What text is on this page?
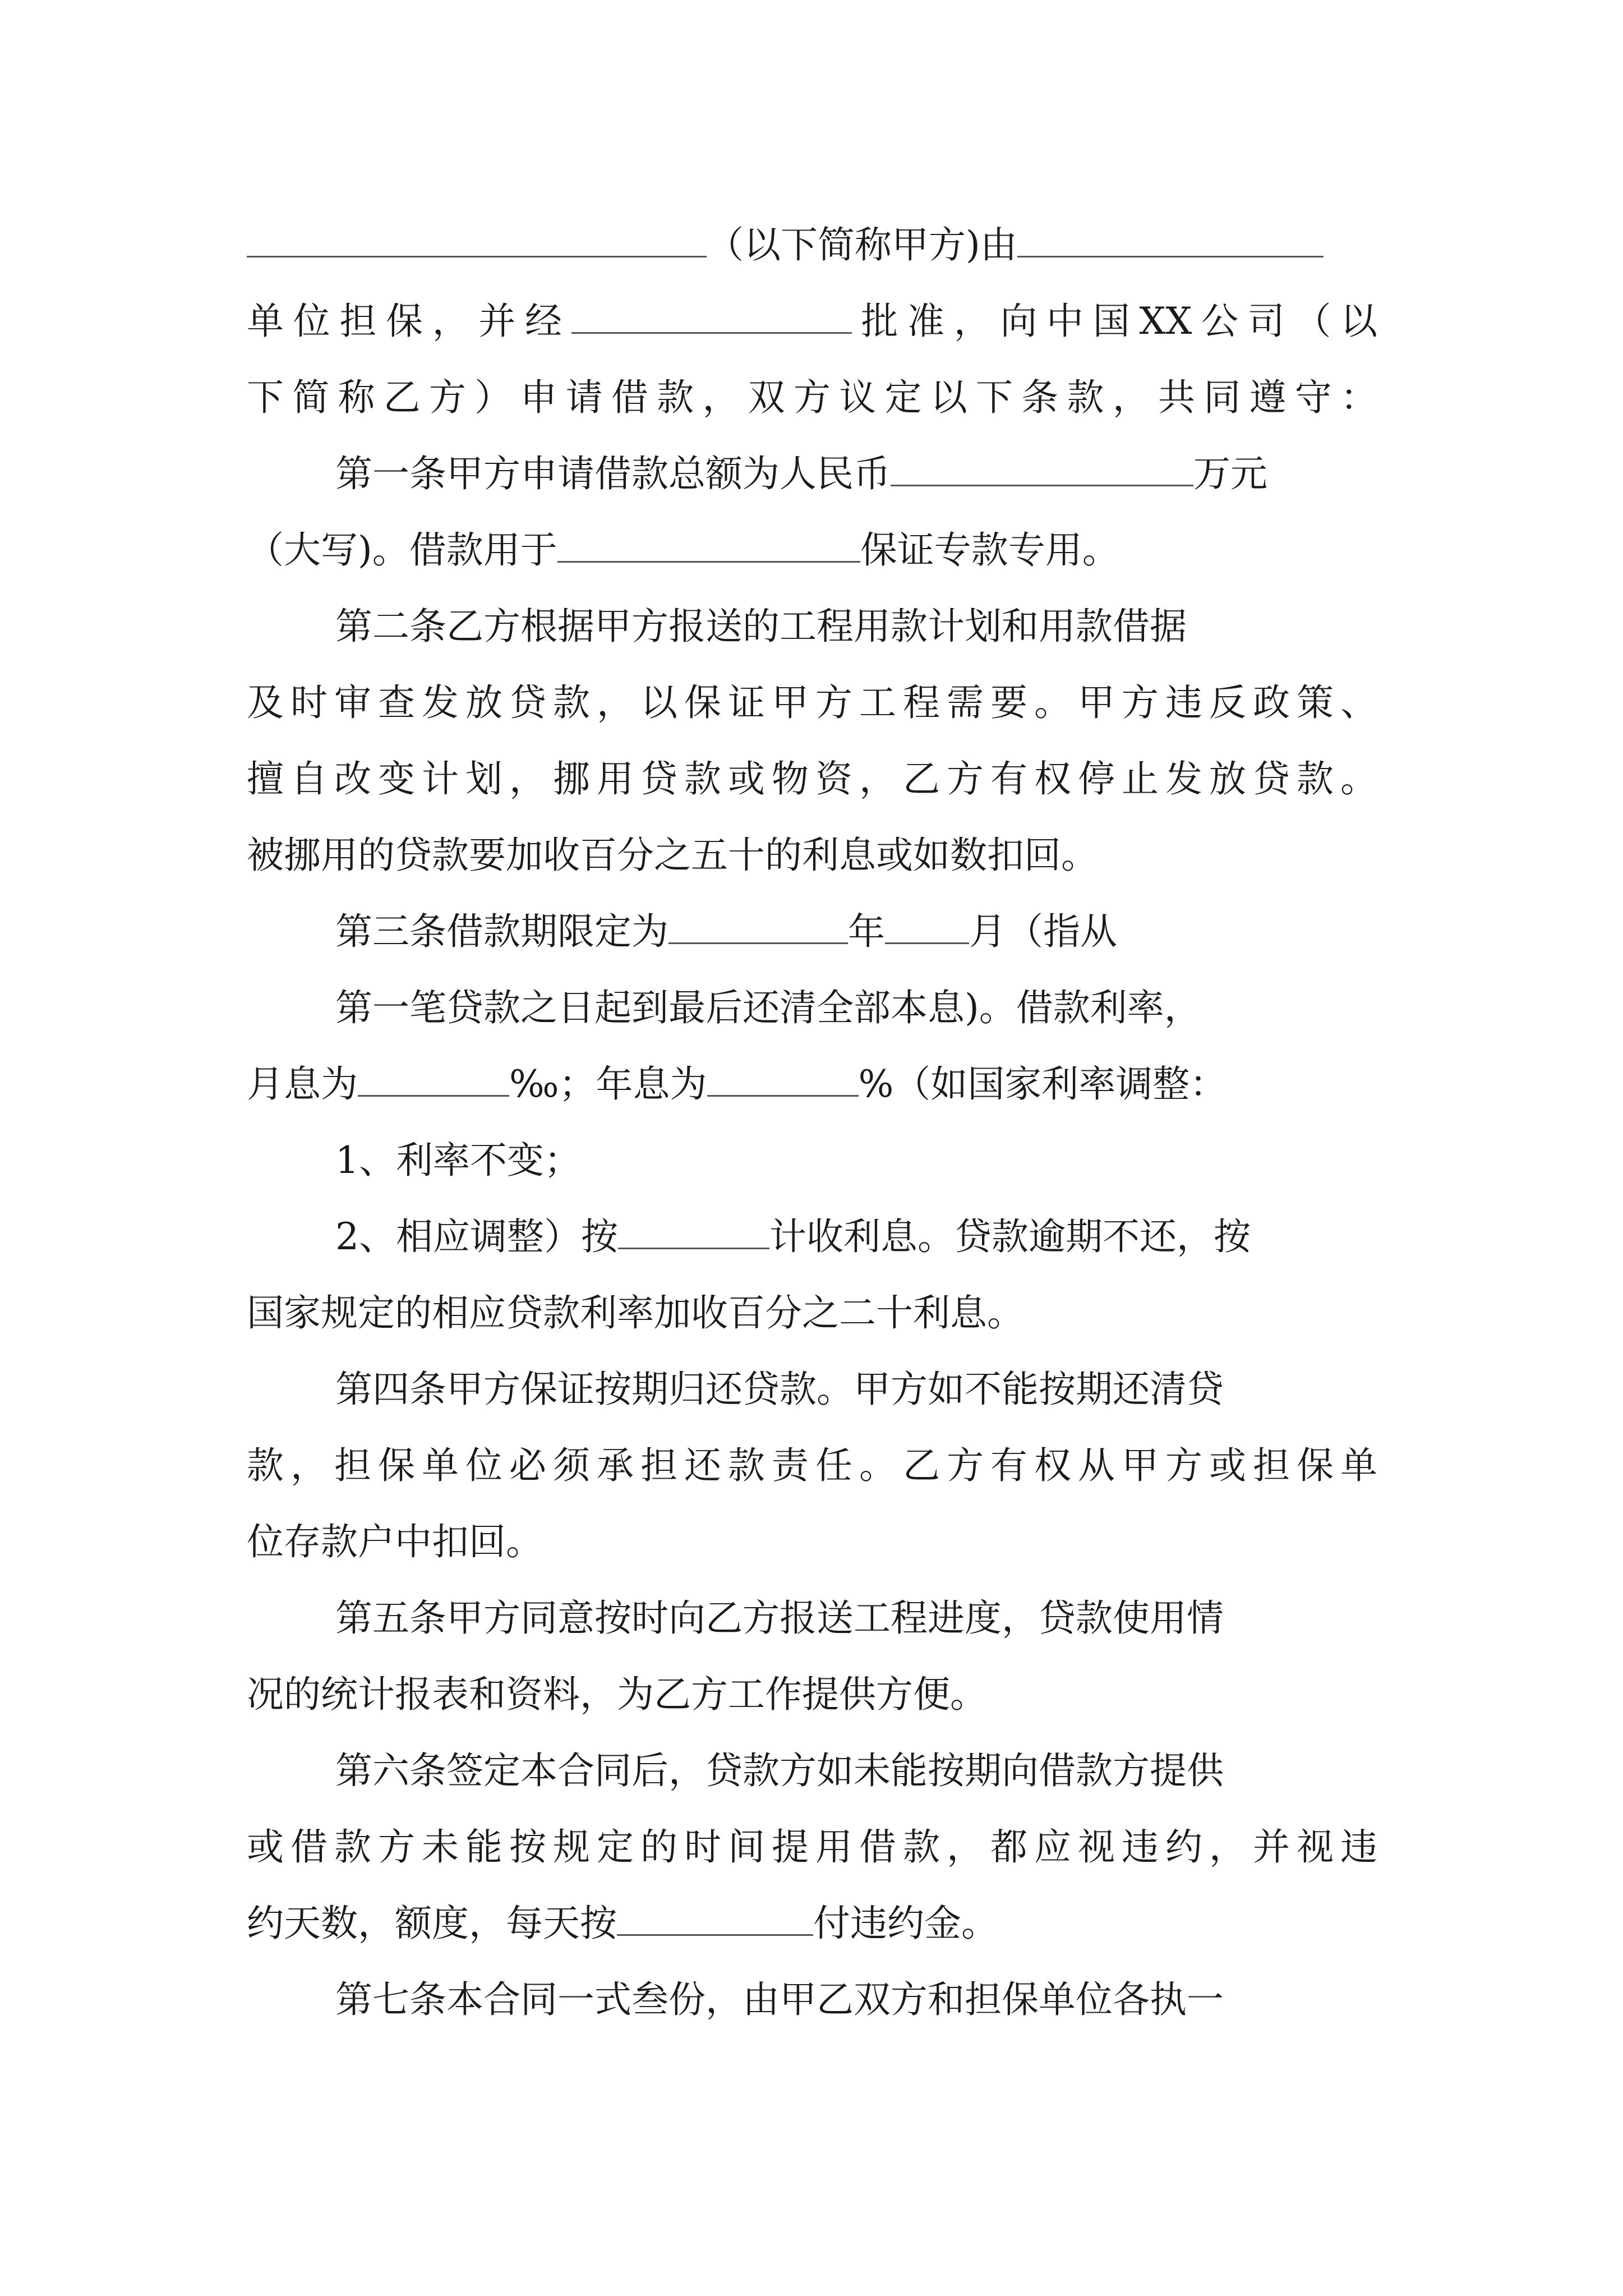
（以下简称甲方)由
单位担保，并经	批准，向中国XX公司（以
下简称乙方）申请借款，双方议定以下条款，共同遵守：
第一条甲方申请借款总额为人民币	万元
（大写)。借款用于	保证专款专用。
第二条乙方根据甲方报送的工程用款计划和用款借据
及时审查发放贷款，以保证甲方工程需要。甲方违反政策、
擅自改变计划，挪用贷款或物资，乙方有权停止发放贷款。
被挪用的贷款要加收百分之五十的利息或如数扣回。
第三条借款期限定为	年 月（指从
第一笔贷款之日起到最后还清全部本息)。借款利率，
月息为	‰；年息为	%（如国家利率调整：
1、利率不变；
2、相应调整）按	计收利息。贷款逾期不还，按
国家规定的相应贷款利率加收百分之二十利息。
第四条甲方保证按期归还贷款。甲方如不能按期还清贷
款，担保单位必须承担还款责任。乙方有权从甲方或担保单
位存款户中扣回。
第五条甲方同意按时向乙方报送工程进度，贷款使用情
况的统计报表和资料，为乙方工作提供方便。
第六条签定本合同后，贷款方如未能按期向借款方提供
或借款方未能按规定的时间提用借款，都应视违约，并视违
约天数，额度，每天按	付违约金。
第七条本合同一式叁份，由甲乙双方和担保单位各执一
